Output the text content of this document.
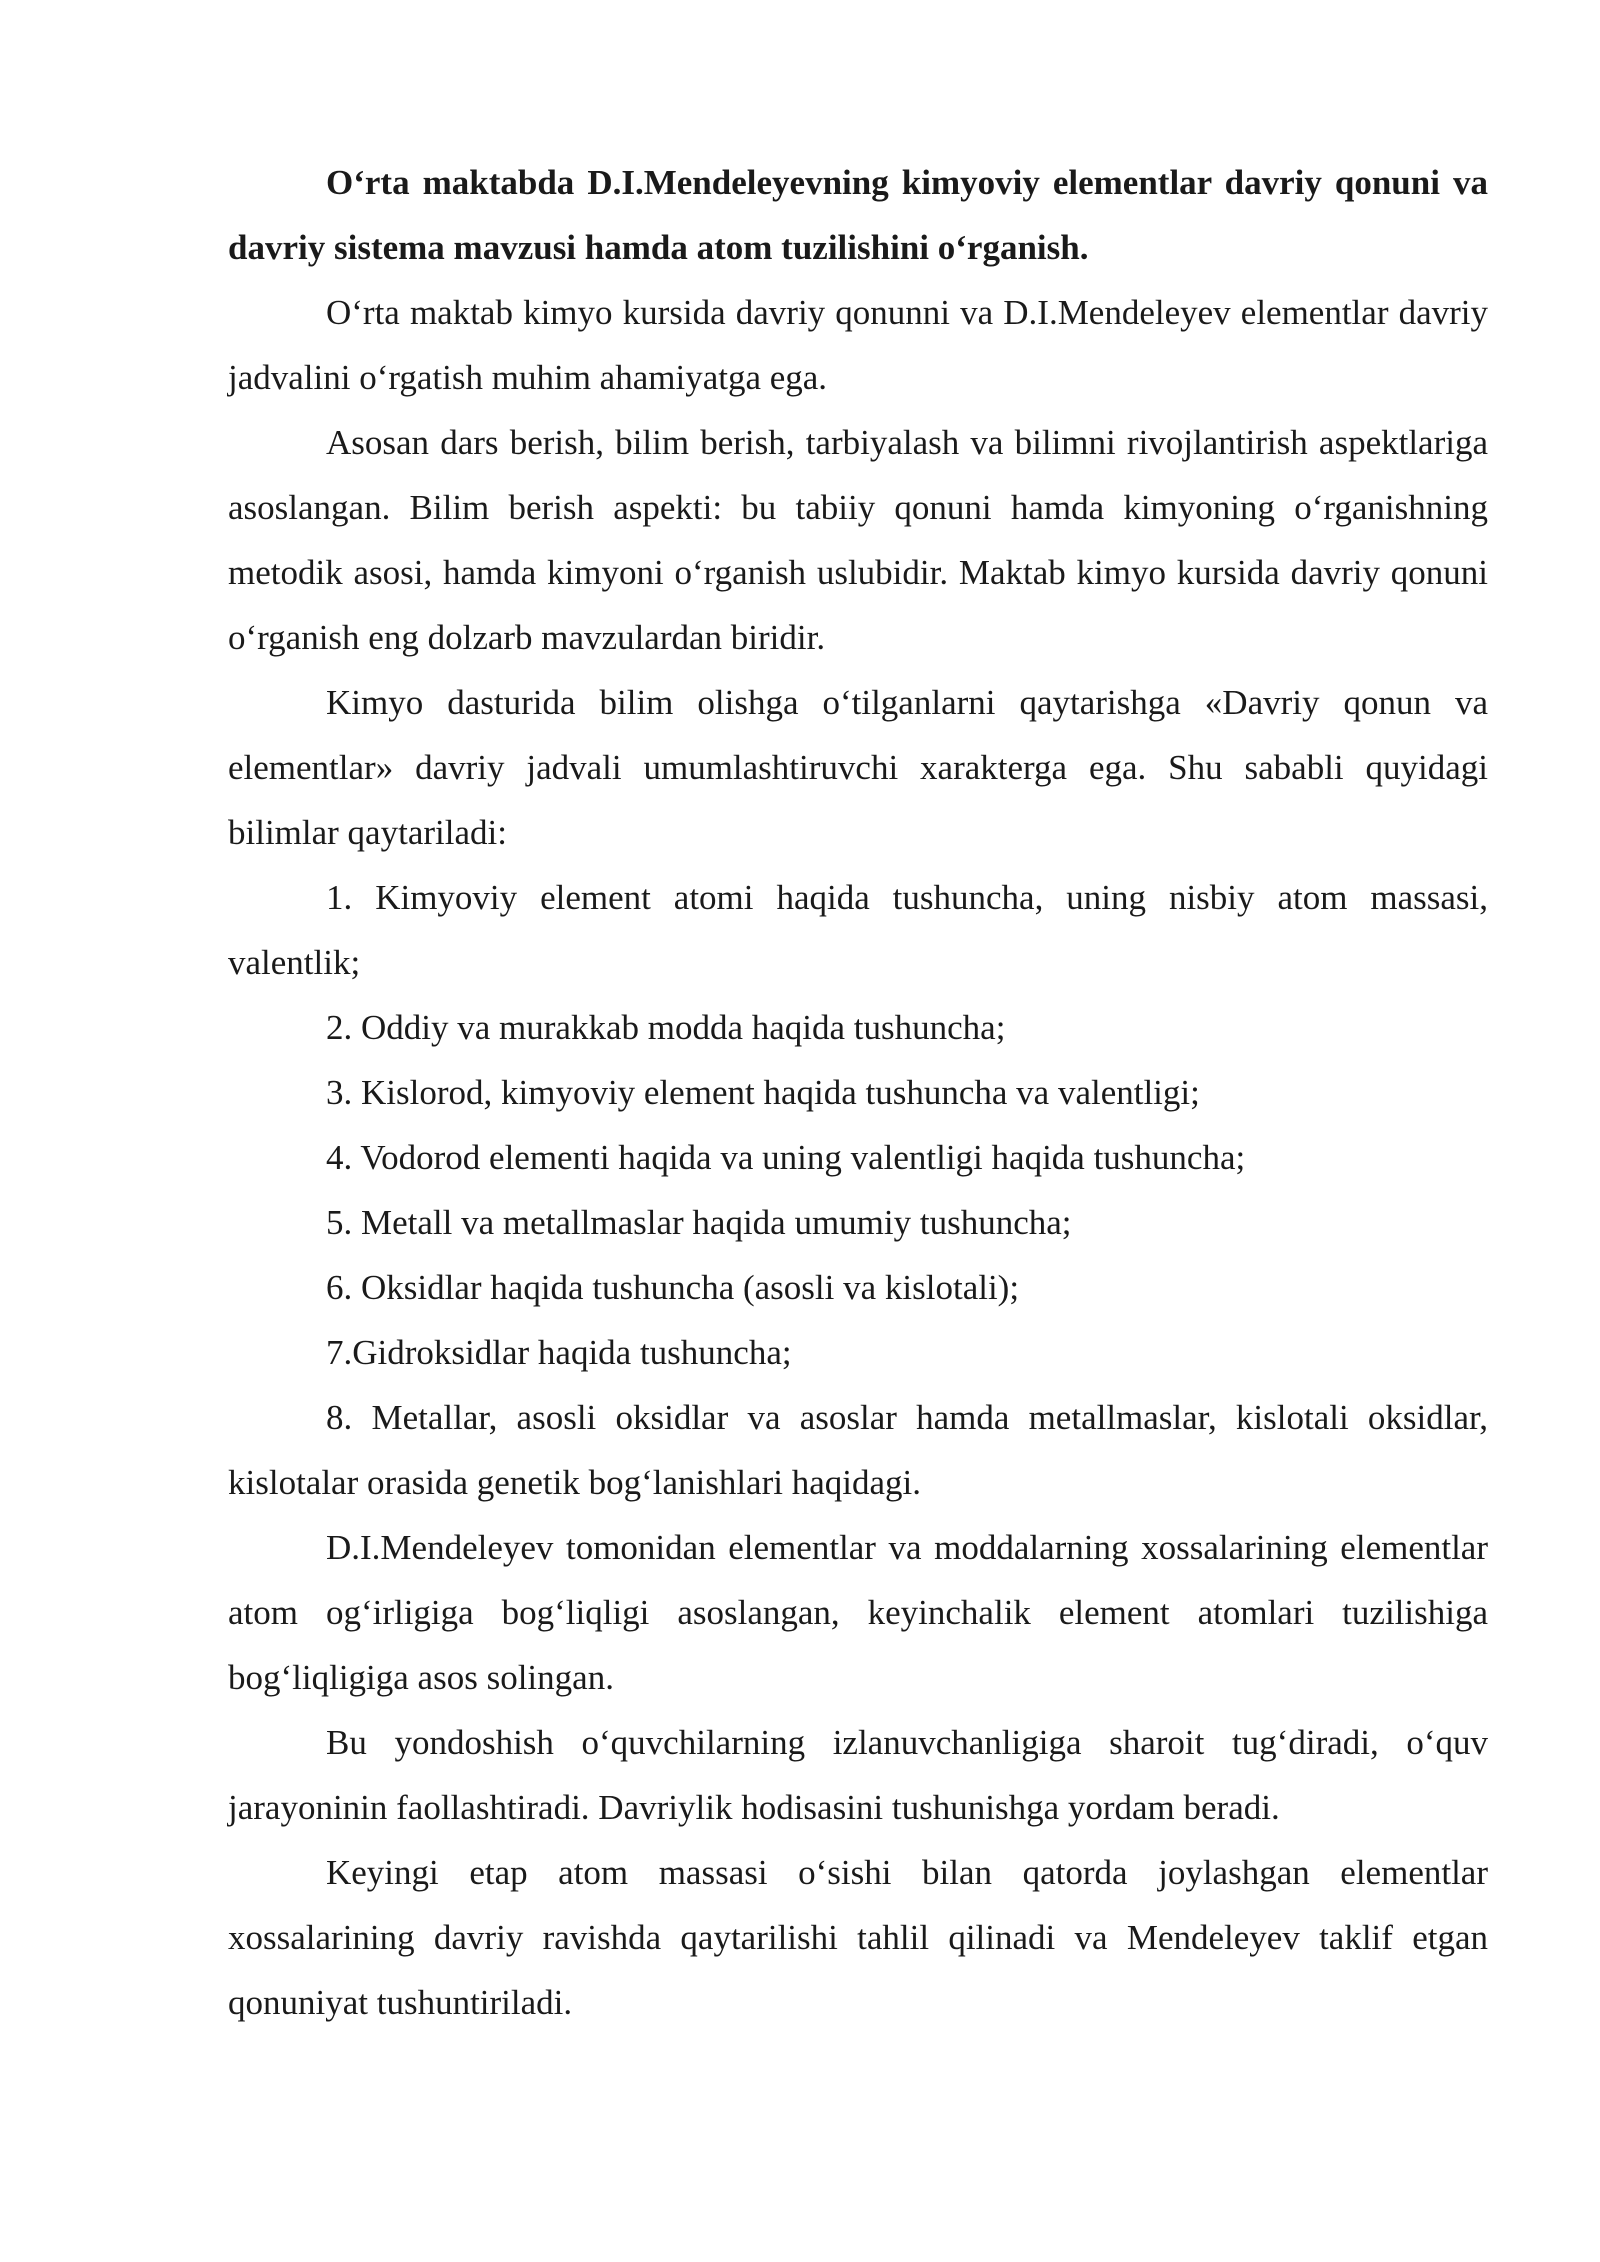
O‘rta maktabda D.I.Mendeleyevning kimyoviy elementlar davriy qonuni va davriy sistema mavzusi hamda atom tuzilishini o‘rganish.

O‘rta maktab kimyo kursida davriy qonunni va D.I.Mendeleyev elementlar davriy jadvalini o‘rgatish muhim ahamiyatga ega.

Asosan dars berish, bilim berish, tarbiyalash va bilimni rivojlantirish aspektlariga asoslangan. Bilim berish aspekti: bu tabiiy qonuni hamda kimyoning o‘rganishning metodik asosi, hamda kimyoni o‘rganish uslubidir. Maktab kimyo kursida davriy qonuni o‘rganish eng dolzarb mavzulardan biridir.

Kimyo dasturida bilim olishga o‘tilganlarni qaytarishga «Davriy qonun va elementlar» davriy jadvali umumlashtiruvchi xarakterga ega. Shu sababli quyidagi bilimlar qaytariladi:

1. Kimyoviy element atomi haqida tushuncha, uning nisbiy atom massasi, valentlik;

2. Oddiy va murakkab modda haqida tushuncha;

3. Kislorod, kimyoviy element haqida tushuncha va valentligi;

4. Vodorod elementi haqida va uning valentligi haqida tushuncha;

5. Metall va metallmaslar haqida umumiy tushuncha;

6. Oksidlar haqida tushuncha (asosli va kislotali);

7.Gidroksidlar haqida tushuncha;

8. Metallar, asosli oksidlar va asoslar hamda metallmaslar, kislotali oksidlar, kislotalar orasida genetik bog‘lanishlari haqidagi.

D.I.Mendeleyev tomonidan elementlar va moddalarning xossalarining elementlar atom og‘irligiga bog‘liqligi asoslangan, keyinchalik element atomlari tuzilishiga bog‘liqligiga asos solingan.

Bu yondoshish o‘quvchilarning izlanuvchanligiga sharoit tug‘diradi, o‘quv jarayoninin faollashtiradi. Davriylik hodisasini tushunishga yordam beradi.

Keyingi etap atom massasi o‘sishi bilan qatorda joylashgan elementlar xossalarining davriy ravishda qaytarilishi tahlil qilinadi va Mendeleyev taklif etgan qonuniyat tushuntiriladi.
